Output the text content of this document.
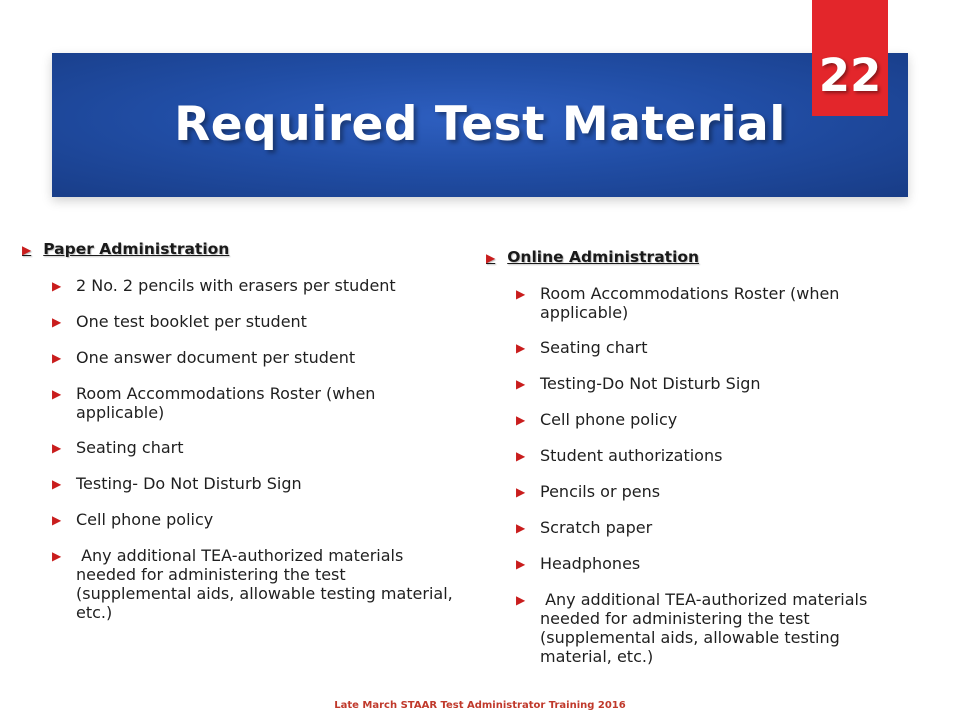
Required Test Material
22
▶ Paper Administration
▶ 2 No. 2 pencils with erasers per student
▶ One test booklet per student
▶ One answer document per student
▶ Room Accommodations Roster (when applicable)
▶ Seating chart
▶ Testing- Do Not Disturb Sign
▶ Cell phone policy
▶ Any additional TEA-authorized materials needed for administering the test (supplemental aids, allowable testing material, etc.)
▶ Online Administration
▶ Room Accommodations Roster (when applicable)
▶ Seating chart
▶ Testing-Do Not Disturb Sign
▶ Cell phone policy
▶ Student authorizations
▶ Pencils or pens
▶ Scratch paper
▶ Headphones
▶ Any additional TEA-authorized materials needed for administering the test (supplemental aids, allowable testing material, etc.)
Late March STAAR Test Administrator Training 2016
